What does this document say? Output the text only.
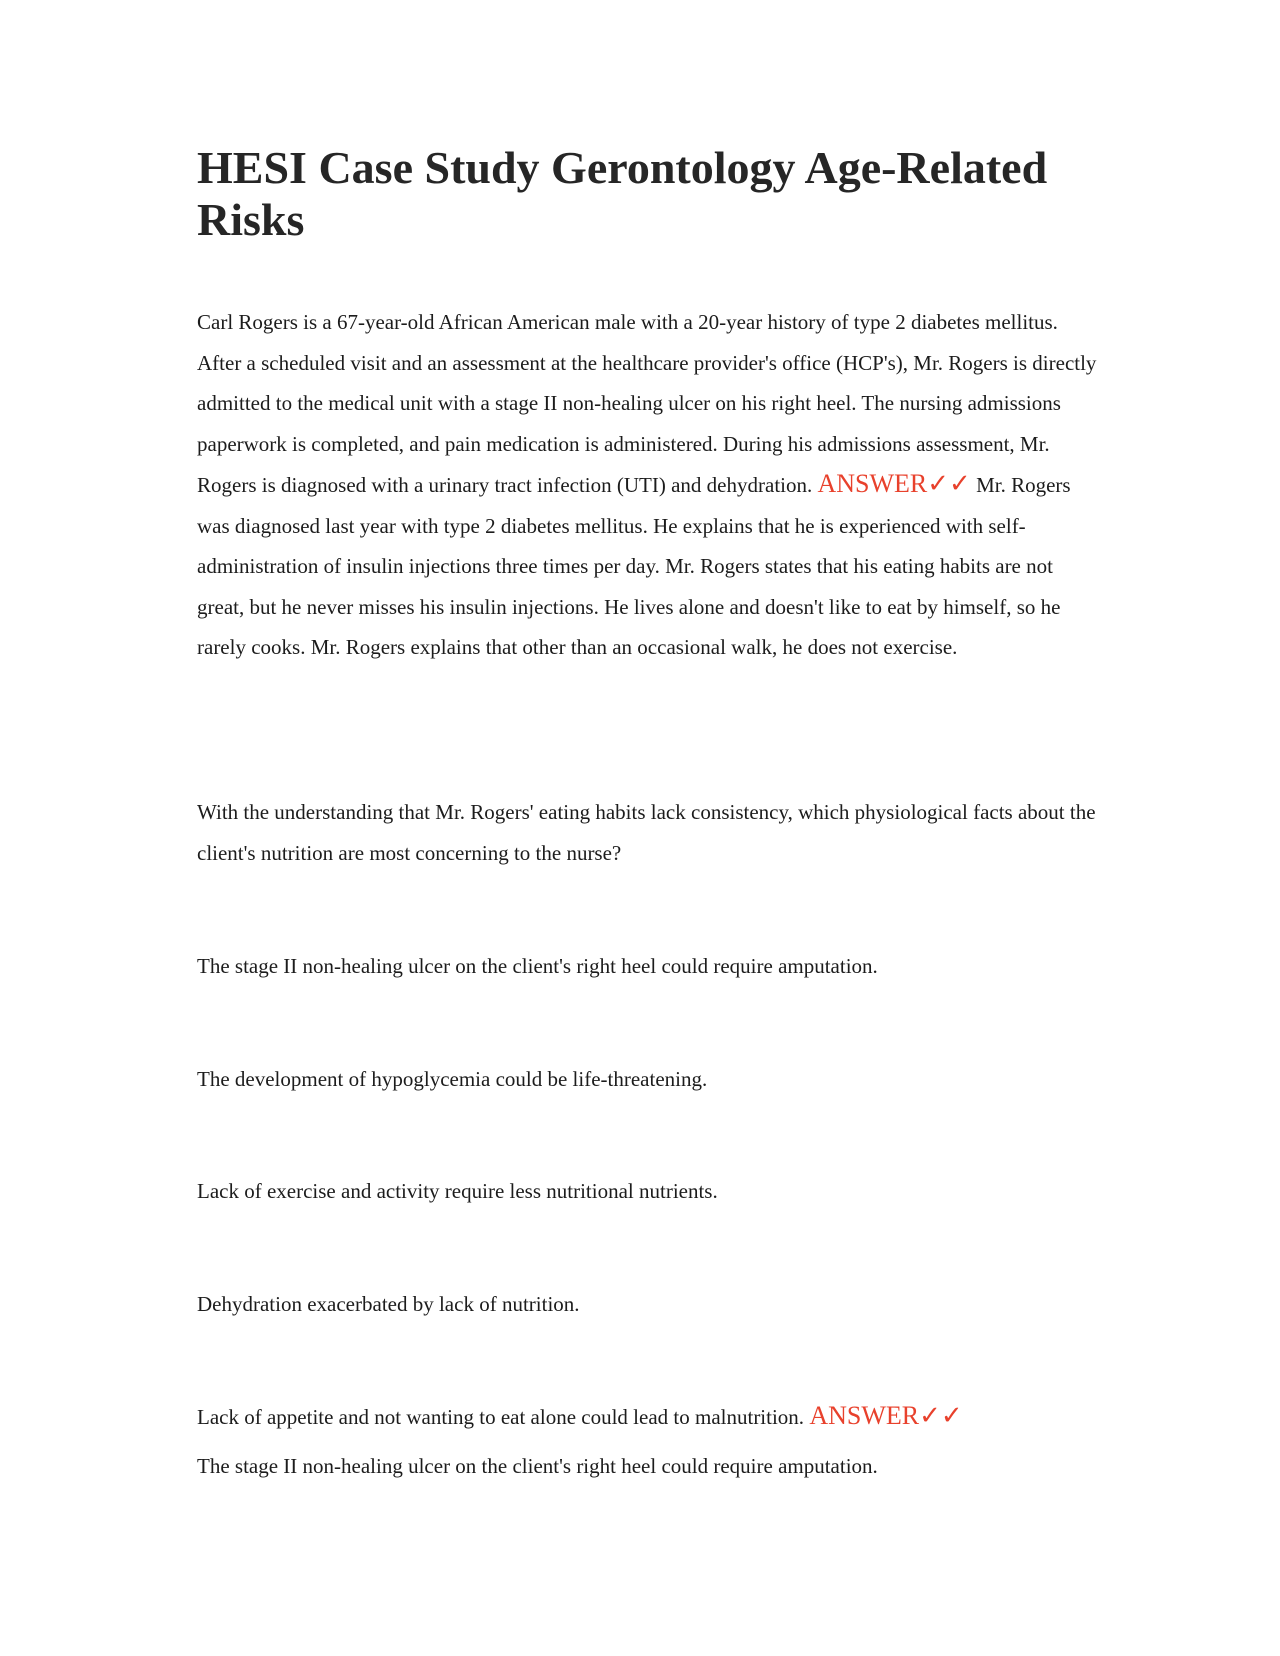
HESI Case Study Gerontology Age-Related Risks

Carl Rogers is a 67-year-old African American male with a 20-year history of type 2 diabetes mellitus. After a scheduled visit and an assessment at the healthcare provider's office (HCP's), Mr. Rogers is directly admitted to the medical unit with a stage II non-healing ulcer on his right heel. The nursing admissions paperwork is completed, and pain medication is administered. During his admissions assessment, Mr. Rogers is diagnosed with a urinary tract infection (UTI) and dehydration. ANSWER✓✓ Mr. Rogers was diagnosed last year with type 2 diabetes mellitus. He explains that he is experienced with self-administration of insulin injections three times per day. Mr. Rogers states that his eating habits are not great, but he never misses his insulin injections. He lives alone and doesn't like to eat by himself, so he rarely cooks. Mr. Rogers explains that other than an occasional walk, he does not exercise.

With the understanding that Mr. Rogers' eating habits lack consistency, which physiological facts about the client's nutrition are most concerning to the nurse?

The stage II non-healing ulcer on the client's right heel could require amputation.

The development of hypoglycemia could be life-threatening.

Lack of exercise and activity require less nutritional nutrients.

Dehydration exacerbated by lack of nutrition.

Lack of appetite and not wanting to eat alone could lead to malnutrition. ANSWER✓✓

The stage II non-healing ulcer on the client's right heel could require amputation.
